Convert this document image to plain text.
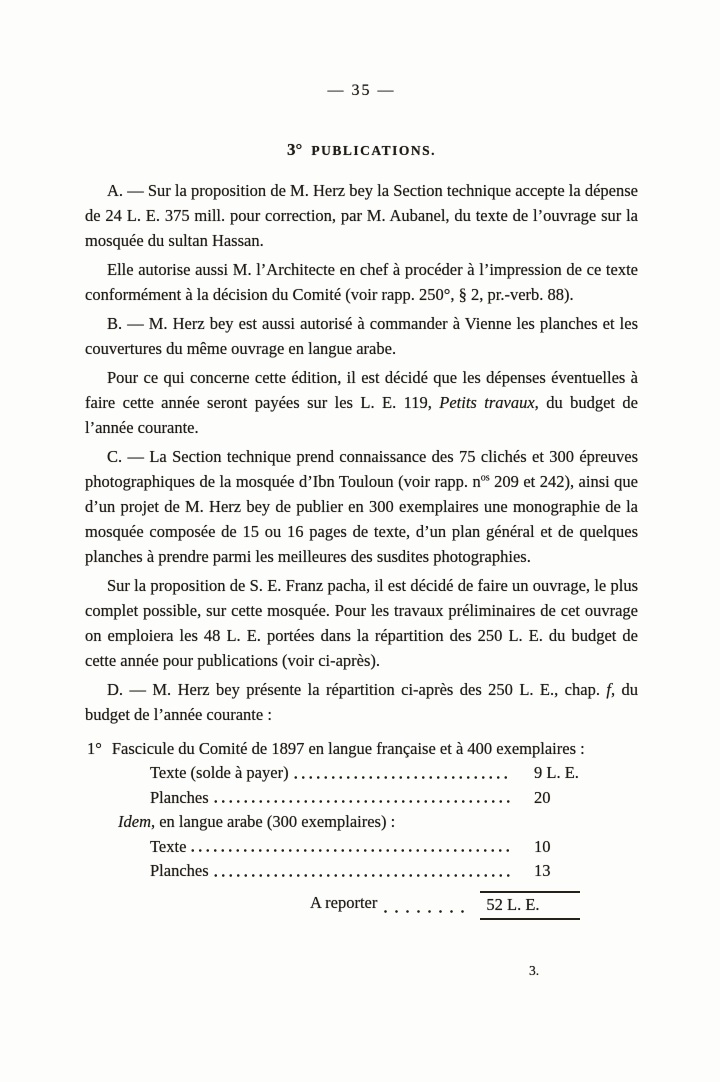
— 35 —
3° PUBLICATIONS.

A. — Sur la proposition de M. Herz bey la Section technique accepte la dépense de 24 L. E. 375 mill. pour correction, par M. Aubanel, du texte de l’ouvrage sur la mosquée du sultan Hassan.

Elle autorise aussi M. l’Architecte en chef à procéder à l’impression de ce texte conformément à la décision du Comité (voir rapp. 250°, § 2, pr.-verb. 88).

B. — M. Herz bey est aussi autorisé à commander à Vienne les planches et les couvertures du même ouvrage en langue arabe.

Pour ce qui concerne cette édition, il est décidé que les dépenses éventuelles à faire cette année seront payées sur les L. E. 119, Petits travaux, du budget de l’année courante.

C. — La Section technique prend connaissance des 75 clichés et 300 épreuves photographiques de la mosquée d’Ibn Touloun (voir rapp. $n^{os}$ 209 et 242), ainsi que d’un projet de M. Herz bey de publier en 300 exemplaires une monographie de la mosquée composée de 15 ou 16 pages de texte, d’un plan général et de quelques planches à prendre parmi les meilleures des susdites photographies.

Sur la proposition de S. E. Franz pacha, il est décidé de faire un ouvrage, le plus complet possible, sur cette mosquée. Pour les travaux préliminaires de cet ouvrage on emploiera les 48 L. E. portées dans la répartition des 250 L. E. du budget de cette année pour publications (voir ci-après).

D. — M. Herz bey présente la répartition ci-après des 250 L. E., chap. f, du budget de l’année courante :

1° Fascicule du Comité de 1897 en langue française et à 400 exemplaires :
Texte (solde à payer)	9 L. E.
Planches	20
Idem , en langue arabe (300 exemplaires) :
Texte	10
Planches	13
A reporter	52 L. E.
3.
